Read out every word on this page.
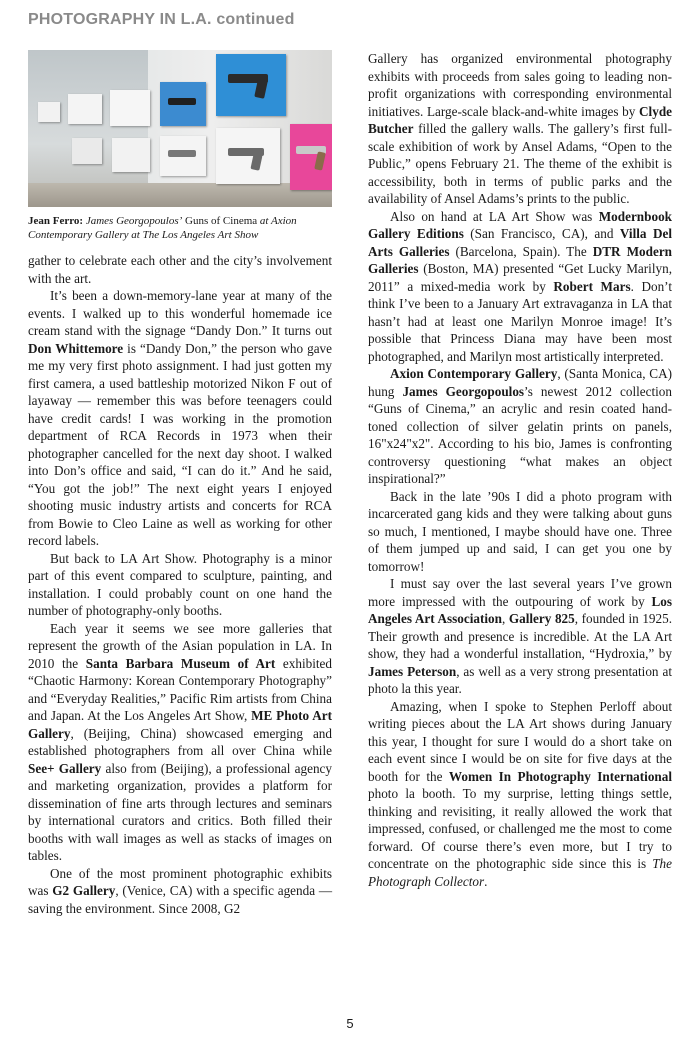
PHOTOGRAPHY IN L.A. continued
Jean Ferro: James Georgopoulos’ Guns of Cinema at Axion Contemporary Gallery at The Los Angeles Art Show

gather to celebrate each other and the city’s involvement with the art.

It’s been a down-memory-lane year at many of the events. I walked up to this wonderful homemade ice cream stand with the signage “Dandy Don.” It turns out Don Whittemore is “Dandy Don,” the person who gave me my very first photo assignment. I had just gotten my first camera, a used battleship motorized Nikon F out of layaway — remember this was before teenagers could have credit cards! I was working in the promotion department of RCA Records in 1973 when their photographer cancelled for the next day shoot. I walked into Don’s office and said, “I can do it.” And he said, “You got the job!” The next eight years I enjoyed shooting music industry artists and concerts for RCA from Bowie to Cleo Laine as well as working for other record labels.

But back to LA Art Show. Photography is a minor part of this event compared to sculpture, painting, and installation. I could probably count on one hand the number of photography-only booths.

Each year it seems we see more galleries that represent the growth of the Asian population in LA. In 2010 the Santa Barbara Museum of Art exhibited “Chaotic Harmony: Korean Contemporary Photography” and “Everyday Realities,” Pacific Rim artists from China and Japan. At the Los Angeles Art Show, ME Photo Art Gallery, (Beijing, China) showcased emerging and established photographers from all over China while See+ Gallery also from (Beijing), a professional agency and marketing organization, provides a platform for dissemination of fine arts through lectures and seminars by international curators and critics. Both filled their booths with wall images as well as stacks of images on tables.

One of the most prominent photographic exhibits was G2 Gallery, (Venice, CA) with a specific agenda — saving the environment. Since 2008, G2

Gallery has organized environmental photography exhibits with proceeds from sales going to leading non-profit organizations with corresponding environmental initiatives. Large-scale black-and-white images by Clyde Butcher filled the gallery walls. The gallery’s first full-scale exhibition of work by Ansel Adams, “Open to the Public,” opens February 21. The theme of the exhibit is accessibility, both in terms of public parks and the availability of Ansel Adams’s prints to the public.

Also on hand at LA Art Show was Modernbook Gallery Editions (San Francisco, CA), and Villa Del Arts Galleries (Barcelona, Spain). The DTR Modern Galleries (Boston, MA) presented “Get Lucky Marilyn, 2011” a mixed-media work by Robert Mars. Don’t think I’ve been to a January Art extravaganza in LA that hasn’t had at least one Marilyn Monroe image! It’s possible that Princess Diana may have been most photographed, and Marilyn most artistically interpreted.

Axion Contemporary Gallery, (Santa Monica, CA) hung James Georgopoulos’s newest 2012 collection “Guns of Cinema,” an acrylic and resin coated hand-toned collection of silver gelatin prints on panels, 16"x24"x2". According to his bio, James is confronting controversy questioning “what makes an object inspirational?”

Back in the late ’90s I did a photo program with incarcerated gang kids and they were talking about guns so much, I mentioned, I maybe should have one. Three of them jumped up and said, I can get you one by tomorrow!

I must say over the last several years I’ve grown more impressed with the outpouring of work by Los Angeles Art Association, Gallery 825, founded in 1925. Their growth and presence is incredible. At the LA Art show, they had a wonderful installation, “Hydroxia,” by James Peterson, as well as a very strong presentation at photo la this year.

Amazing, when I spoke to Stephen Perloff about writing pieces about the LA Art shows during January this year, I thought for sure I would do a short take on each event since I would be on site for five days at the booth for the Women In Photography International photo la booth. To my surprise, letting things settle, thinking and revisiting, it really allowed the work that impressed, confused, or challenged me the most to come forward. Of course there’s even more, but I try to concentrate on the photographic side since this is The Photograph Collector.

5
